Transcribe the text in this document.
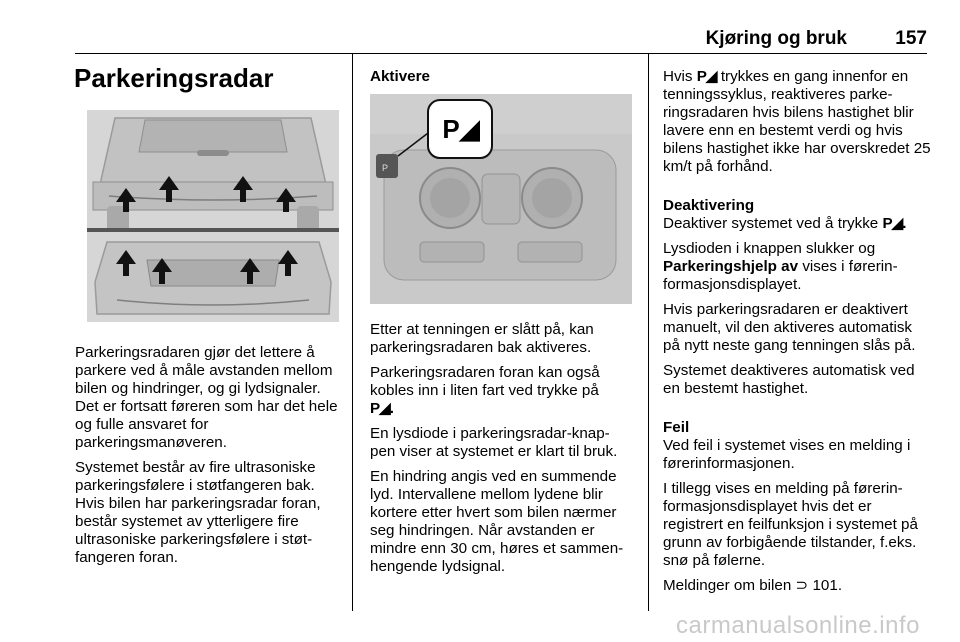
Kjøring og bruk	157
Parkeringsradar

Parkeringsradaren gjør det lettere å parkere ved å måle avstanden mellom bilen og hindringer, og gi lydsignaler. Det er fortsatt føreren som har det hele og fulle ansvaret for parkeringsmanøveren.

Systemet består av fire ultrasoniske parkeringsfølere i støtfangeren bak. Hvis bilen har parkeringsradar foran, består systemet av ytterligere fire ultrasoniske parkeringsfølere i støt-fangeren foran.

Aktivere

P
P◢

Etter at tenningen er slått på, kan parkeringsradaren bak aktiveres.

Parkeringsradaren foran kan også kobles inn i liten fart ved trykke på
P◢.

En lysdiode i parkeringsradar-knap-pen viser at systemet er klart til bruk.

En hindring angis ved en summende lyd. Intervallene mellom lydene blir kortere etter hvert som bilen nærmer seg hindringen. Når avstanden er mindre enn 30 cm, høres et sammen-hengende lydsignal.

Hvis P◢ trykkes en gang innenfor en tenningssyklus, reaktiveres parke-ringsradaren hvis bilens hastighet blir lavere enn en bestemt verdi og hvis bilens hastighet ikke har overskredet 25 km/t på forhånd.

Deaktivering

Deaktiver systemet ved å trykke P◢.

Lysdioden i knappen slukker og Parkeringshjelp av vises i førerin-formasjonsdisplayet.

Hvis parkeringsradaren er deaktivert manuelt, vil den aktiveres automatisk på nytt neste gang tenningen slås på.

Systemet deaktiveres automatisk ved en bestemt hastighet.

Feil

Ved feil i systemet vises en melding i førerinformasjonen.

I tillegg vises en melding på førerin-formasjonsdisplayet hvis det er registrert en feilfunksjon i systemet på grunn av forbigående tilstander, f.eks. snø på følerne.

Meldinger om bilen ⊃ 101.

carmanualsonline.info
